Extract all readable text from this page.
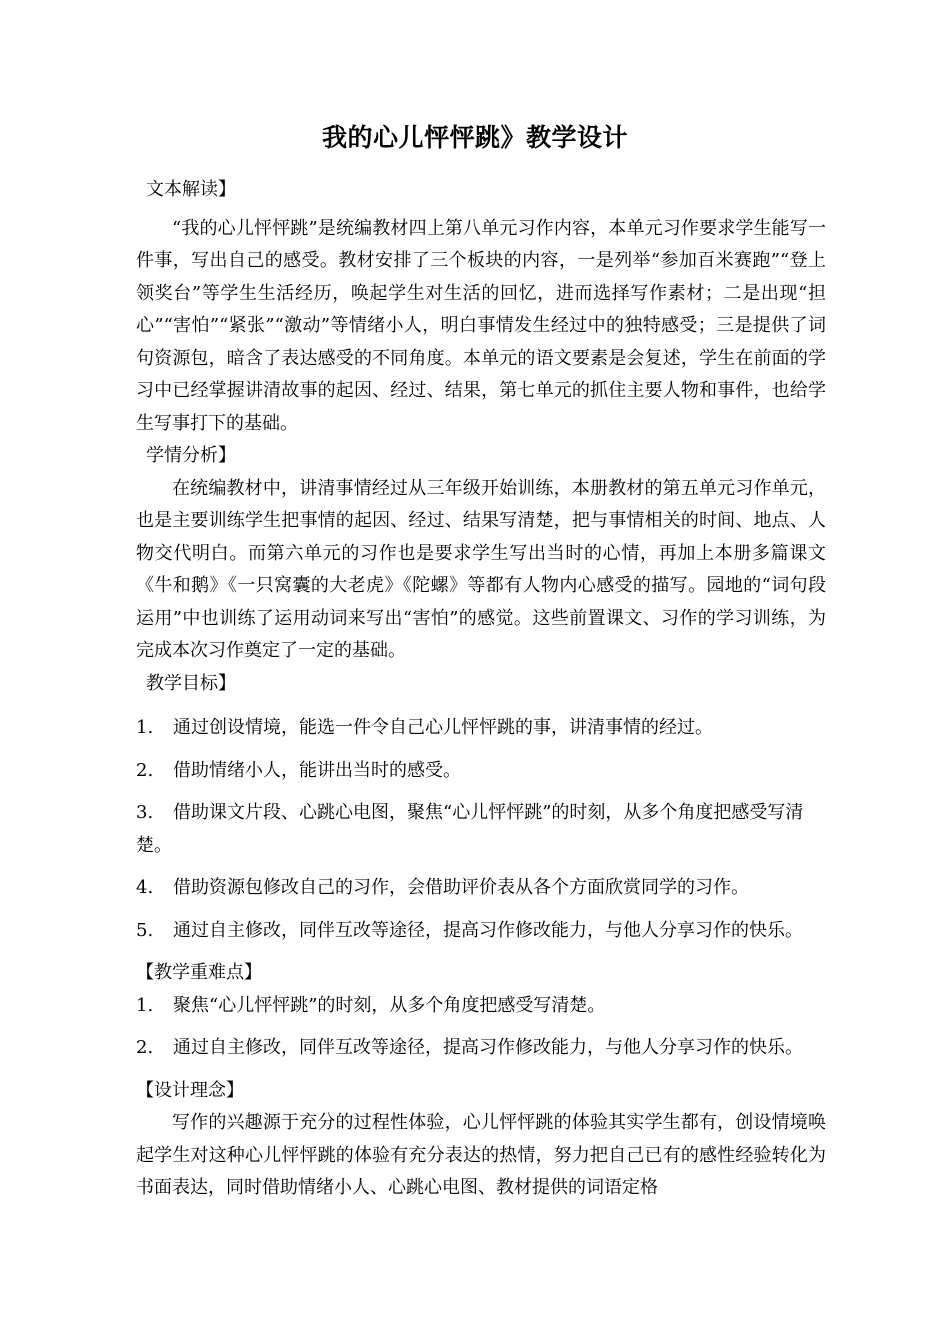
我的心儿怦怦跳》教学设计
文本解读】

“我的心儿怦怦跳”是统编教材四上第八单元习作内容，本单元习作要求学生能写一件事，写出自己的感受。教材安排了三个板块的内容，一是列举“参加百米赛跑”“登上领奖台”等学生生活经历，唤起学生对生活的回忆，进而选择写作素材；二是出现“担心”“害怕”“紧张”“激动”等情绪小人，明白事情发生经过中的独特感受；三是提供了词句资源包，暗含了表达感受的不同角度。本单元的语文要素是会复述，学生在前面的学习中已经掌握讲清故事的起因、经过、结果，第七单元的抓住主要人物和事件，也给学生写事打下的基础。

学情分析】

在统编教材中，讲清事情经过从三年级开始训练，本册教材的第五单元习作单元，也是主要训练学生把事情的起因、经过、结果写清楚，把与事情相关的时间、地点、人物交代明白。而第六单元的习作也是要求学生写出当时的心情，再加上本册多篇课文《牛和鹅》《一只窝囊的大老虎》《陀螺》等都有人物内心感受的描写。园地的“词句段运用”中也训练了运用动词来写出“害怕”的感觉。这些前置课文、习作的学习训练，为完成本次习作奠定了一定的基础。

教学目标】
1. 通过创设情境，能选一件令自己心儿怦怦跳的事，讲清事情的经过。
2. 借助情绪小人，能讲出当时的感受。
3. 借助课文片段、心跳心电图，聚焦“心儿怦怦跳”的时刻，从多个角度把感受写清楚。
4. 借助资源包修改自己的习作，会借助评价表从各个方面欣赏同学的习作。
5. 通过自主修改，同伴互改等途径，提高习作修改能力，与他人分享习作的快乐。
【教学重难点】
1. 聚焦“心儿怦怦跳”的时刻，从多个角度把感受写清楚。
2. 通过自主修改，同伴互改等途径，提高习作修改能力，与他人分享习作的快乐。
【设计理念】

写作的兴趣源于充分的过程性体验，心儿怦怦跳的体验其实学生都有，创设情境唤起学生对这种心儿怦怦跳的体验有充分表达的热情，努力把自己已有的感性经验转化为书面表达，同时借助情绪小人、心跳心电图、教材提供的词语定格
